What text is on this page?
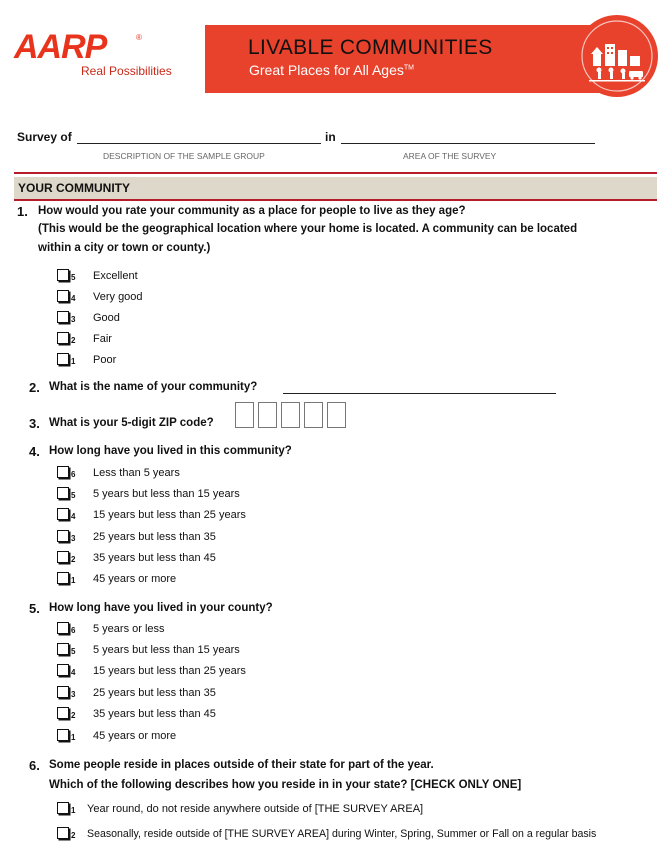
AARP	®
Real Possibilities
LIVABLE COMMUNITIES
Great Places for All Ages™
Survey of
DESCRIPTION OF THE SAMPLE GROUP
in
AREA OF THE SURVEY
YOUR COMMUNITY
1. How would you rate your community as a place for people to live as they age?
(This would be the geographical location where your home is located. A community can be located
within a city or town or county.)
5 Excellent
4 Very good
3 Good
2 Fair
1 Poor
2. What is the name of your community?
3. What is your 5-digit ZIP code?
4. How long have you lived in this community?
6 Less than 5 years
5 5 years but less than 15 years
4 15 years but less than 25 years
3 25 years but less than 35
2 35 years but less than 45
1 45 years or more
5. How long have you lived in your county?
6 5 years or less
5 5 years but less than 15 years
4 15 years but less than 25 years
3 25 years but less than 35
2 35 years but less than 45
1 45 years or more
6. Some people reside in places outside of their state for part of the year.
Which of the following describes how you reside in in your state? [CHECK ONLY ONE]
1 Year round, do not reside anywhere outside of [THE SURVEY AREA]
2 Seasonally, reside outside of [THE SURVEY AREA] during Winter, Spring, Summer or Fall on a regular basis
